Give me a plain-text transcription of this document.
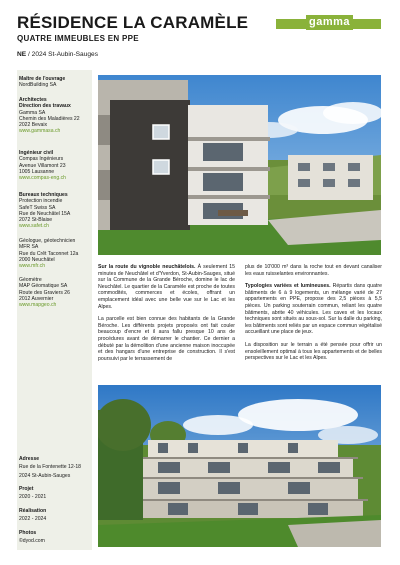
RÉSIDENCE LA CARAMÈLE
QUATRE IMMEUBLES EN PPE
NE / 2024 St-Aubin-Sauges
gamma
Maître de l'ouvrage
NordBuilding SA
Architectes
Direction des travaux
Gamma SA
Chemin des Maladières 22
2022 Bevaix
www.gammasa.ch
Ingénieur civil
Compas Ingénieurs
Avenue Villamont 23
1005 Lausanne
www.compas-eng.ch
Bureaux techniques
Protection incendie
SafeT Swiss SA
Rue de Neuchâtel 15A
2072 St-Blaise
www.safet.ch
Géologue, géotechnicien
MFR SA
Rue du Crêt Taconnet 12a
2000 Neuchâtel
www.mfr.ch
Géomètre
MAP Géomatique SA
Route des Graviers 26
2012 Auvernier
www.mapgeo.ch
Adresse
Rue de la Fontenette 12-18
2024 St-Aubin-Sauges
Projet
2020 - 2021
Réalisation
2022 - 2024
Photos
©dyod.com

Sur la route du vignoble neuchâtelois. À seulement 15 minutes de Neuchâtel et d'Yverdon, St-Aubin-Sauges, situé sur la Commune de la Grande Béroche, domine le lac de Neuchâtel. Le quartier de la Caramèle est proche de toutes commodités, commerces et écoles, offrant un emplacement idéal avec une belle vue sur le Lac et les Alpes.

La parcelle est bien connue des habitants de la Grande Béroche. Les différents projets proposés ont fait couler beaucoup d'encre et il aura fallu presque 10 ans de procédures avant de démarrer le chantier. Ce dernier a débuté par la démolition d'une ancienne maison inoccupée et des hangars d'une entreprise de construction. Il s'est poursuivi par le terrassement de

plus de 10'000 m³ dans la roche tout en devant canaliser les eaux ruisselantes environnantes.

Typologies variées et lumineuses. Répartis dans quatre bâtiments de 6 à 9 logements, un mélange varié de 27 appartements en PPE, propose des 2,5 pièces à 5,5 pièces. Un parking souterrain commun, reliant les quatre bâtiments, abrite 40 véhicules. Les caves et les locaux techniques sont situés au sous-sol. Sur la dalle du parking, les bâtiments sont reliés par un espace commun végétalisé accueillant une place de jeux.

La disposition sur le terrain a été pensée pour offrir un ensoleillement optimal à tous les appartements et de belles perspectives sur le Lac et les Alpes.
